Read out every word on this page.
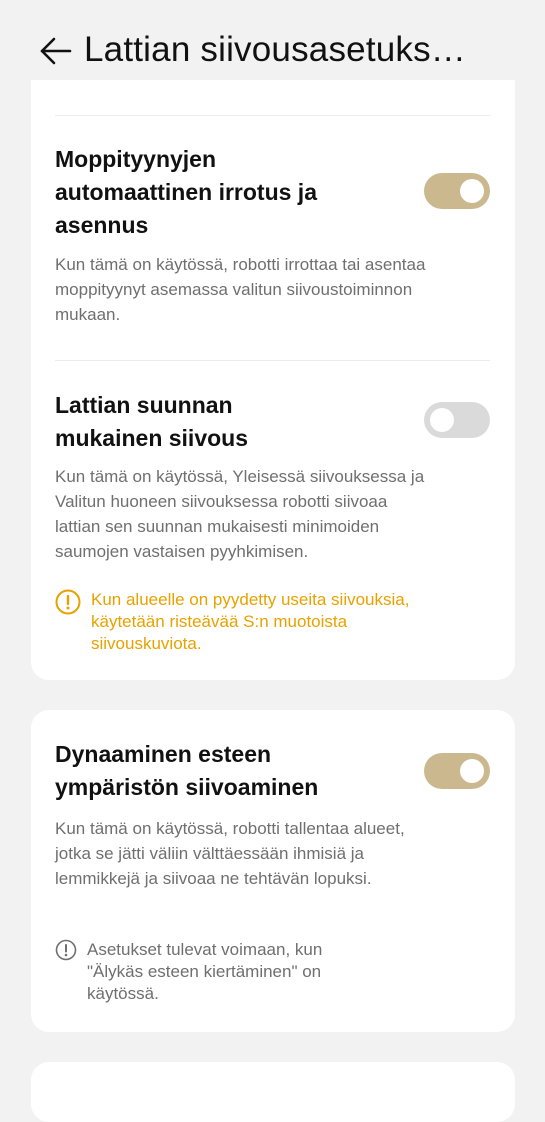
Lattian siivousasetuks…
Moppityynyjen automaattinen irrotus ja asennus
Kun tämä on käytössä, robotti irrottaa tai asentaa moppityynyt asemassa valitun siivoustoiminnon mukaan.
Lattian suunnan mukainen siivous
Kun tämä on käytössä, Yleisessä siivouksessa ja Valitun huoneen siivouksessa robotti siivoaa lattian sen suunnan mukaisesti minimoiden saumojen vastaisen pyyhkimisen.
Kun alueelle on pyydetty useita siivouksia, käytetään risteävää S:n muotoista siivouskuviota.
Dynaaminen esteen ympäristön siivoaminen
Kun tämä on käytössä, robotti tallentaa alueet, jotka se jätti väliin välttäessään ihmisiä ja lemmikkejä ja siivoaa ne tehtävän lopuksi.
Asetukset tulevat voimaan, kun "Älykäs esteen kiertäminen" on käytössä.
